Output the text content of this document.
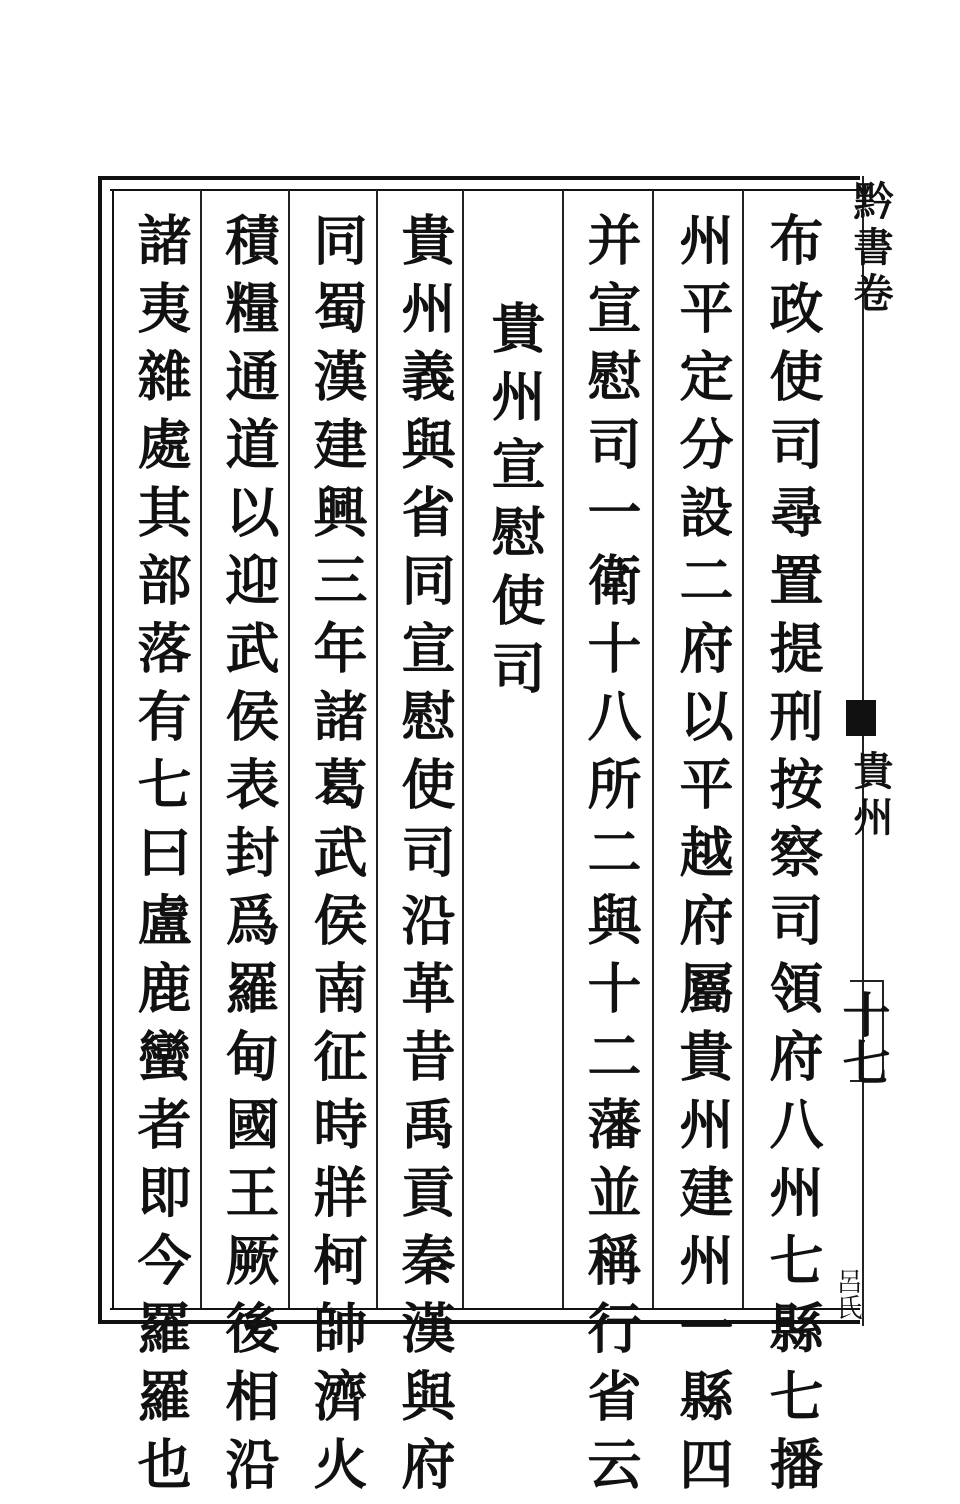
布政使司尋置提刑按察司領府八州七縣七播
州平定分設二府以平越府屬貴州建州一縣四
并宣慰司一衛十八所二與十二藩並稱行省云
貴州宣慰使司
貴州義與省同宣慰使司沿革昔禹貢秦漢與府
同蜀漢建興三年諸葛武侯南征時牂柯帥濟火
積糧通道以迎武侯表封爲羅甸國王厥後相沿
諸夷雜處其部落有七曰盧鹿蠻者即今羅羅也	黔書卷
貴州
十七
呂氏
